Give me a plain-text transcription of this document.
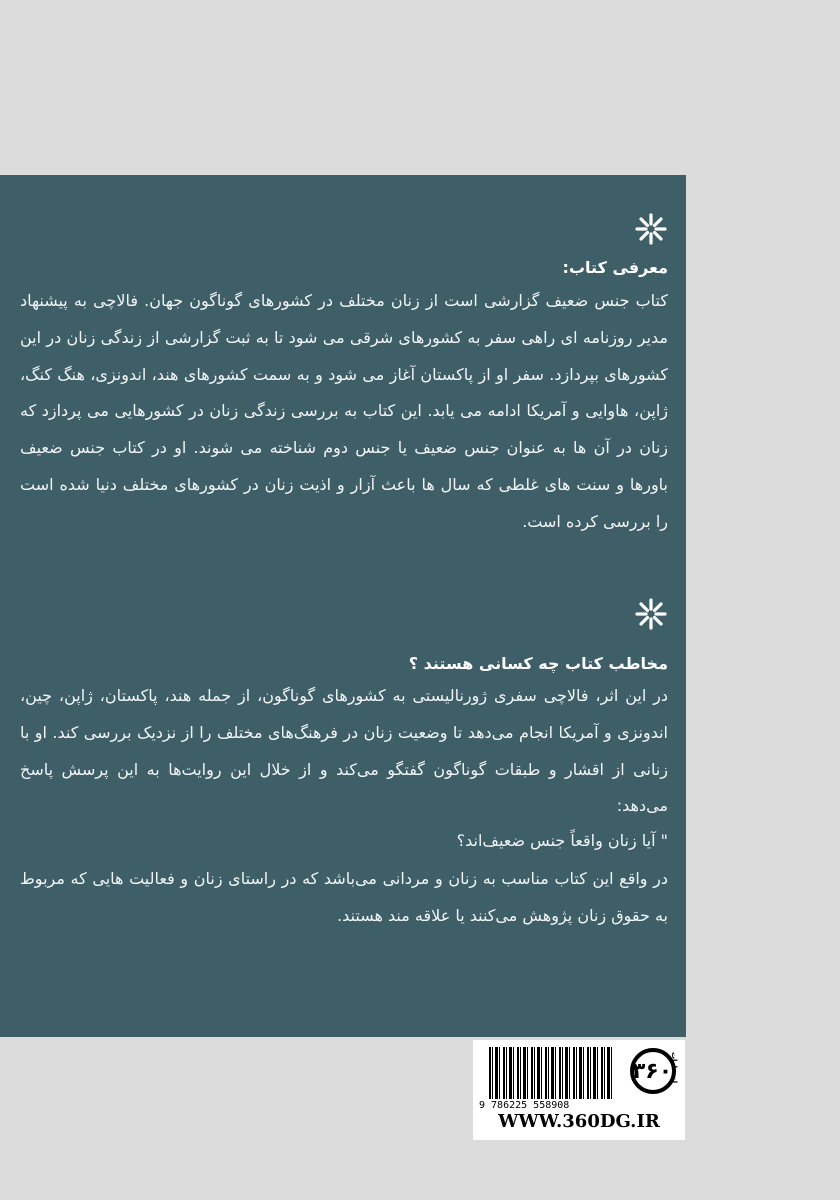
معرفی کتاب:

کتاب جنس ضعیف گزارشی است از زنان مختلف در کشورهای گوناگون جهان. فالاچی به پیشنهاد مدیر روزنامه ای راهی سفر به کشورهای شرقی می شود تا به ثبت گزارشی از زندگی زنان در این کشورهای بپردازد. سفر او از پاکستان آغاز می شود و به سمت کشورهای هند، اندونزی، هنگ کنگ، ژاپن، هاوایی و آمریکا ادامه می یابد. این کتاب به بررسی زندگی زنان در کشورهایی می پردازد که زنان در آن ها به عنوان جنس ضعیف یا جنس دوم شناخته می شوند. او در کتاب جنس ضعیف باورها و سنت های غلطی که سال ها باعث آزار و اذیت زنان در کشورهای مختلف دنیا شده است را بررسی کرده است.

مخاطب کتاب چه کسانی هستند ؟

در این اثر، فالاچی سفری ژورنالیستی به کشورهای گوناگون، از جمله هند، پاکستان، ژاپن، چین، اندونزی و آمریکا انجام می‌دهد تا وضعیت زنان در فرهنگ‌های مختلف را از نزدیک بررسی کند. او با زنانی از اقشار و طبقات گوناگون گفتگو می‌کند و از خلال این روایت‌ها به این پرسش پاسخ می‌دهد:

" آیا زنان واقعاً جنس ضعیف‌اند؟

در واقع این کتاب مناسب به زنان و مردانی می‌باشد که در راستای زنان و فعالیت هایی که مربوط به حقوق زنان پژوهش می‌کنند یا علاقه مند هستند.

9 786225 558908
۳۶۰
انتشارات
WWW.360DG.IR
